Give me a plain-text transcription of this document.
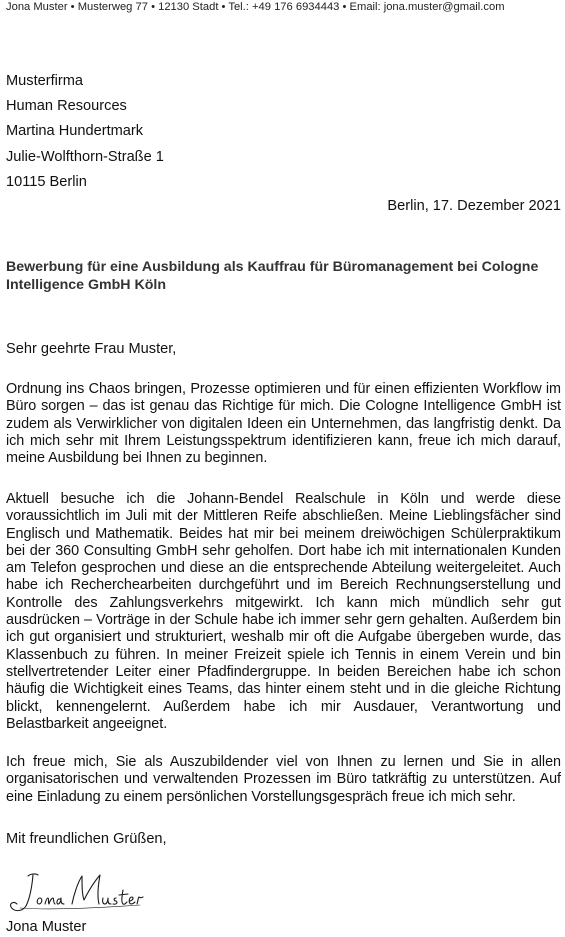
Jona Muster • Musterweg 77 • 12130 Stadt • Tel.: +49 176 6934443 • Email: jona.muster@gmail.com
Musterfirma
Human Resources
Martina Hundertmark
Julie-Wolfthorn-Straße 1
10115 Berlin
Berlin, 17. Dezember 2021
Bewerbung für eine Ausbildung als Kauffrau für Büromanagement bei Cologne Intelligence GmbH Köln
Sehr geehrte Frau Muster,

Ordnung ins Chaos bringen, Prozesse optimieren und für einen effizienten Workflow im Büro sorgen – das ist genau das Richtige für mich. Die Cologne Intelligence GmbH ist zudem als Verwirklicher von digitalen Ideen ein Unternehmen, das langfristig denkt. Da ich mich sehr mit Ihrem Leistungsspektrum identifizieren kann, freue ich mich darauf, meine Ausbildung bei Ihnen zu beginnen.

Aktuell besuche ich die Johann-Bendel Realschule in Köln und werde diese voraussichtlich im Juli mit der Mittleren Reife abschließen. Meine Lieblingsfächer sind Englisch und Mathematik. Beides hat mir bei meinem dreiwöchigen Schülerpraktikum bei der 360 Consulting GmbH sehr geholfen. Dort habe ich mit internationalen Kunden am Telefon gesprochen und diese an die entsprechende Abteilung weitergeleitet. Auch habe ich Recherchearbeiten durchgeführt und im Bereich Rechnungserstellung und Kontrolle des Zahlungsverkehrs mitgewirkt. Ich kann mich mündlich sehr gut ausdrücken – Vorträge in der Schule habe ich immer sehr gern gehalten. Außerdem bin ich gut organisiert und strukturiert, weshalb mir oft die Aufgabe übergeben wurde, das Klassenbuch zu führen. In meiner Freizeit spiele ich Tennis in einem Verein und bin stellvertretender Leiter einer Pfadfindergruppe. In beiden Bereichen habe ich schon häufig die Wichtigkeit eines Teams, das hinter einem steht und in die gleiche Richtung blickt, kennengelernt. Außerdem habe ich mir Ausdauer, Verantwortung und Belastbarkeit angeeignet.

Ich freue mich, Sie als Auszubildender viel von Ihnen zu lernen und Sie in allen organisatorischen und verwaltenden Prozessen im Büro tatkräftig zu unterstützen. Auf eine Einladung zu einem persönlichen Vorstellungsgespräch freue ich mich sehr.

Mit freundlichen Grüßen,
Jona Muster
